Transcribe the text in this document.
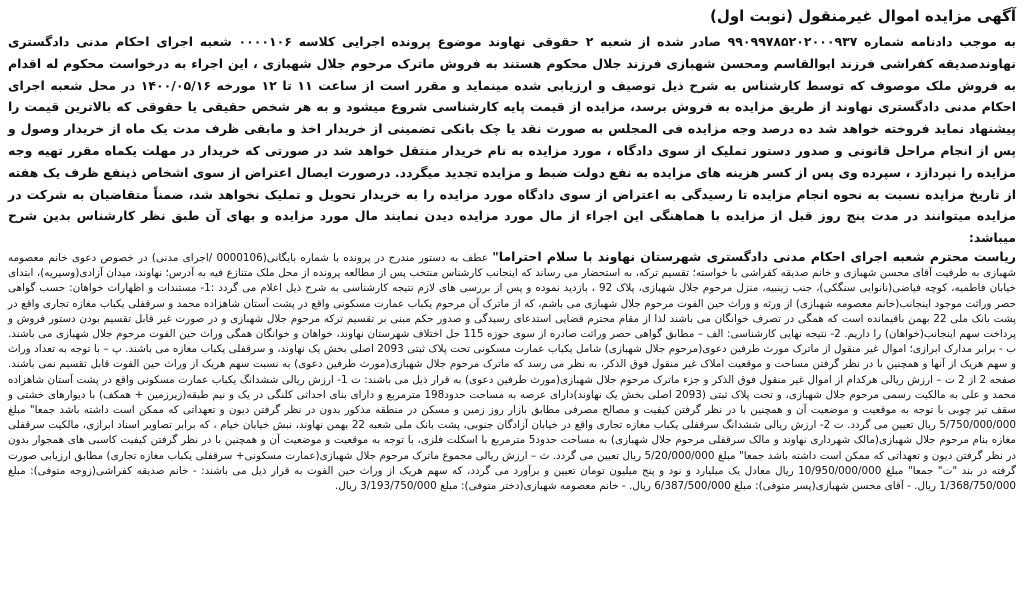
آگهی مزایده اموال غیرمنقول (نوبت اول)

به موجب دادنامه شماره ۹۹۰۹۹۷۸۵۲۰۲۰۰۰۹۳۷ صادر شده از شعبه ۲ حقوقی نهاوند موضوع پرونده اجرایی کلاسه ۰۰۰۰۱۰۶ شعبه اجرای احکام مدنی دادگستری نهاوندصدیقه کفراشی فرزند ابوالقاسم ومحسن شهبازی فرزند جلال محکوم هستند به فروش ماترک مرحوم جلال شهبازی ، این اجراء به درخواست محکوم له اقدام به فروش ملک موصوف که توسط کارشناس به شرح ذیل توصیف و ارزیابی شده مینماید و مقرر است از ساعت ۱۱ تا ۱۲ مورخه ۱۴۰۰/۰۵/۱۶ در محل شعبه اجرای احکام مدنی دادگستری نهاوند از طریق مزایده به فروش برسد، مزایده از قیمت پایه کارشناسی شروع میشود و به هر شخص حقیقی یا حقوقی که بالاترین قیمت را پیشنهاد نماید فروخته خواهد شد ده درصد وجه مزایده فی المجلس به صورت نقد یا چک بانکی تضمینی از خریدار اخذ و مابقی ظرف مدت یک ماه از خریدار وصول و پس از انجام مراحل قانونی و صدور دستور تملیک از سوی دادگاه ، مورد مزایده به نام خریدار منتقل خواهد شد در صورتی که خریدار در مهلت یکماه مقرر تهیه وجه مزایده را نپردازد ، سپرده وی پس از کسر هزینه های مزایده به نفع دولت ضبط و مزایده تجدید میگردد. درصورت ایصال اعتراض از سوی اشخاص ذینفع ظرف یک هفته از تاریخ مزایده نسبت به نحوه انجام مزایده تا رسیدگی به اعتراض از سوی دادگاه مورد مزایده را به خریدار تحویل و تملیک نخواهد شد، ضمناً متقاضیان به شرکت در مزایده میتوانند در مدت پنج روز قبل از مزایده با هماهنگی این اجراء از مال مورد مزایده دیدن نمایند مال مورد مزایده و بهای آن طبق نظر کارشناس بدین شرح میباشد:

ریاست محترم شعبه اجرای احکام مدنی دادگستری شهرستان نهاوند با سلام احتراما" عطف به دستور مندرج در پرونده با شماره بایگانی(0000106 /اجرای مدنی) در خصوص دعوی خانم معصومه شهبازی به طرفیت آقای محسن شهبازی و خانم صدیقه کفراشی با خواسته؛ تقسیم ترکه، به استحضار می رساند که اینجانب کارشناس منتخب پس از مطالعه پرونده از محل ملک متنازع فیه به آدرس؛ نهاوند، میدان آزادی(وسیریه)، ابتدای خیابان فاطمیه، کوچه فیاضی(نانوایی سنگکی)، جنب زینبیه، منزل مرحوم جلال شهبازی، پلاک 92 ، بازدید نموده و پس از بررسی های لازم نتیجه کارشناسی به شرح ذیل اعلام می گردد :1- مستندات و اظهارات خواهان: حسب گواهی حصر وراثت موجود اینجانب(خانم معصومه شهبازی) از ورثه و وراث حین الفوت مرحوم جلال شهبازی می باشم، که از ماترک آن مرحوم یکباب عمارت مسکونی واقع در پشت آستان شاهزاده محمد و سرقفلی یکباب مغازه تجاری واقع در پشت بانک ملی 22 بهمن باقیمانده است که همگی در تصرف خوانگان می باشند لذا از مقام محترم قضایی استدعای رسیدگی و صدور حکم مبنی بر تقسیم ترکه مرحوم جلال شهبازی و در صورت غیر قابل تقسیم بودن دستور فروش و پرداخت سهم اینجانب(خواهان) را داریم. 2- نتیجه نهایی کارشناسی: الف – مطابق گواهی حصر وراثت صادره از سوی حوزه 115 حل اختلاف شهرستان نهاوند، خواهان و خوانگان همگی وراث حین الفوت مرحوم جلال شهبازی می باشند. ب - برابر مدارک ابرازی؛ اموال غیر منقول از ماترک مورث طرفین دعوی(مرحوم جلال شهبازی) شامل یکباب عمارت مسکونی تحت پلاک ثبتی 2093 اصلی بخش یک نهاوند، و سرقفلی یکباب مغازه می باشند. پ – با توجه به تعداد وراث و سهم هریک از آنها و همچنین با در نظر گرفتن مساحت و موقعیت املاک غیر منقول فوق الذکر، به نظر می رسد که ماترک مرحوم جلال شهبازی(مورث طرفین دعوی) به نسبت سهم هریک از وراث حین الفوت قابل تقسیم نمی باشند. صفحه 2 از 2 ت – ارزش ریالی هرکدام از اموال غیر منقول فوق الذکر و جزء ماترک مرحوم جلال شهبازی(مورث طرفین دعوی) به قرار ذیل می باشند: ت 1- ارزش ریالی ششدانگ یکباب عمارت مسکونی واقع در پشت آستان شاهزاده محمد و علی به مالکیت رسمی مرحوم جلال شهبازی، و تحت پلاک ثبتی (2093 اصلی بخش یک نهاوند)دارای عرصه به مساحت حدود198 مترمربع و دارای بنای احداثی کلنگی در یک و نیم طبقه(زیرزمین + همکف) با دیوارهای خشتی و سقف تیر چوبی با توجه به موقعیت و موضعیت آن و همچنین با در نظر گرفتن کیفیت و مصالح مصرفی مطابق بازار روز زمین و مسکن در منطقه مذکور بدون در نظر گرفتن دیون و تعهداتی که ممکن است داشته باشد جمعا" مبلغ 5/750/000/000 ریال تعیین می گردد. ت 2- ارزش ریالی ششدانگ سرقفلی یکباب مغازه تجاری واقع در خیابان آزادگان جنوبی، پشت بانک ملی شعبه 22 بهمن نهاوند، نبش خیابان خیام ، که برابر تصاویر اسناد ابرازی، مالکیت سرقفلی مغازه بنام مرحوم جلال شهبازی(مالک شهرداری نهاوند و مالک سرقفلی مرحوم جلال شهبازی) به مساحت حدود5 مترمربع با اسکلت فلزی، با توجه به موقعیت و موضعیت آن و همچنین با در نظر گرفتن کیفیت کاسبی های همجوار بدون در نظر گرفتن دیون و تعهداتی که ممکن است داشته باشد جمعا" مبلغ 5/20/000/000 ریال تعیین می گردد. ث – ارزش ریالی مجموع ماترک مرحوم جلال شهبازی(عمارت مسکونی+ سرقفلی یکباب مغازه تجاری) مطابق ارزیابی صورت گرفته در بند "ت" جمعا" مبلغ 10/950/000/000 ریال معادل یک میلیارد و نود و پنج میلیون تومان تعیین و برآورد می گردد، که سهم هریک از وراث حین الفوت به قرار ذیل می باشند: - خانم صدیقه کفراشی(زوجه متوفی): مبلغ 1/368/750/000 ریال. - آقای محسن شهبازی(پسر متوفی): مبلغ 6/387/500/000 ریال. - خانم معصومه شهبازی(دختر متوفی): مبلغ 3/193/750/000 ریال.
